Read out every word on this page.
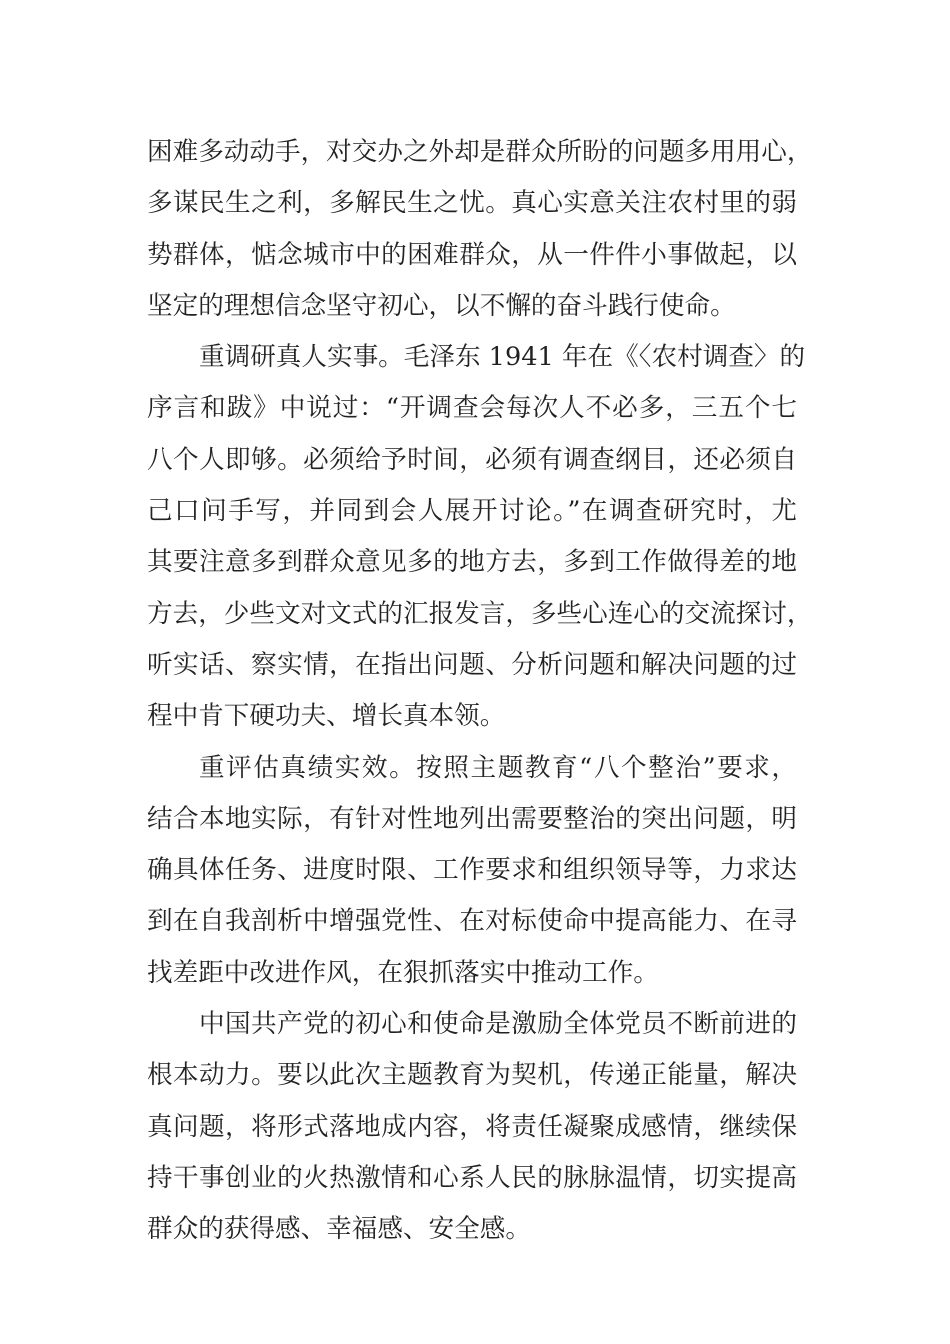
困难多动动手，对交办之外却是群众所盼的问题多用用心，
多谋民生之利，多解民生之忧。真心实意关注农村里的弱
势群体，惦念城市中的困难群众，从一件件小事做起，以
坚定的理想信念坚守初心，以不懈的奋斗践行使命。
重调研真人实事。毛泽东 1941 年在《〈农村调查〉的
序言和跋》中说过：“开调查会每次人不必多，三五个七
八个人即够。必须给予时间，必须有调查纲目，还必须自
己口问手写，并同到会人展开讨论。”在调查研究时，尤
其要注意多到群众意见多的地方去，多到工作做得差的地
方去，少些文对文式的汇报发言，多些心连心的交流探讨，
听实话、察实情，在指出问题、分析问题和解决问题的过
程中肯下硬功夫、增长真本领。
重评估真绩实效。按照主题教育“八个整治”要求，
结合本地实际，有针对性地列出需要整治的突出问题，明
确具体任务、进度时限、工作要求和组织领导等，力求达
到在自我剖析中增强党性、在对标使命中提高能力、在寻
找差距中改进作风，在狠抓落实中推动工作。
中国共产党的初心和使命是激励全体党员不断前进的
根本动力。要以此次主题教育为契机，传递正能量，解决
真问题，将形式落地成内容，将责任凝聚成感情，继续保
持干事创业的火热激情和心系人民的脉脉温情，切实提高
群众的获得感、幸福感、安全感。
